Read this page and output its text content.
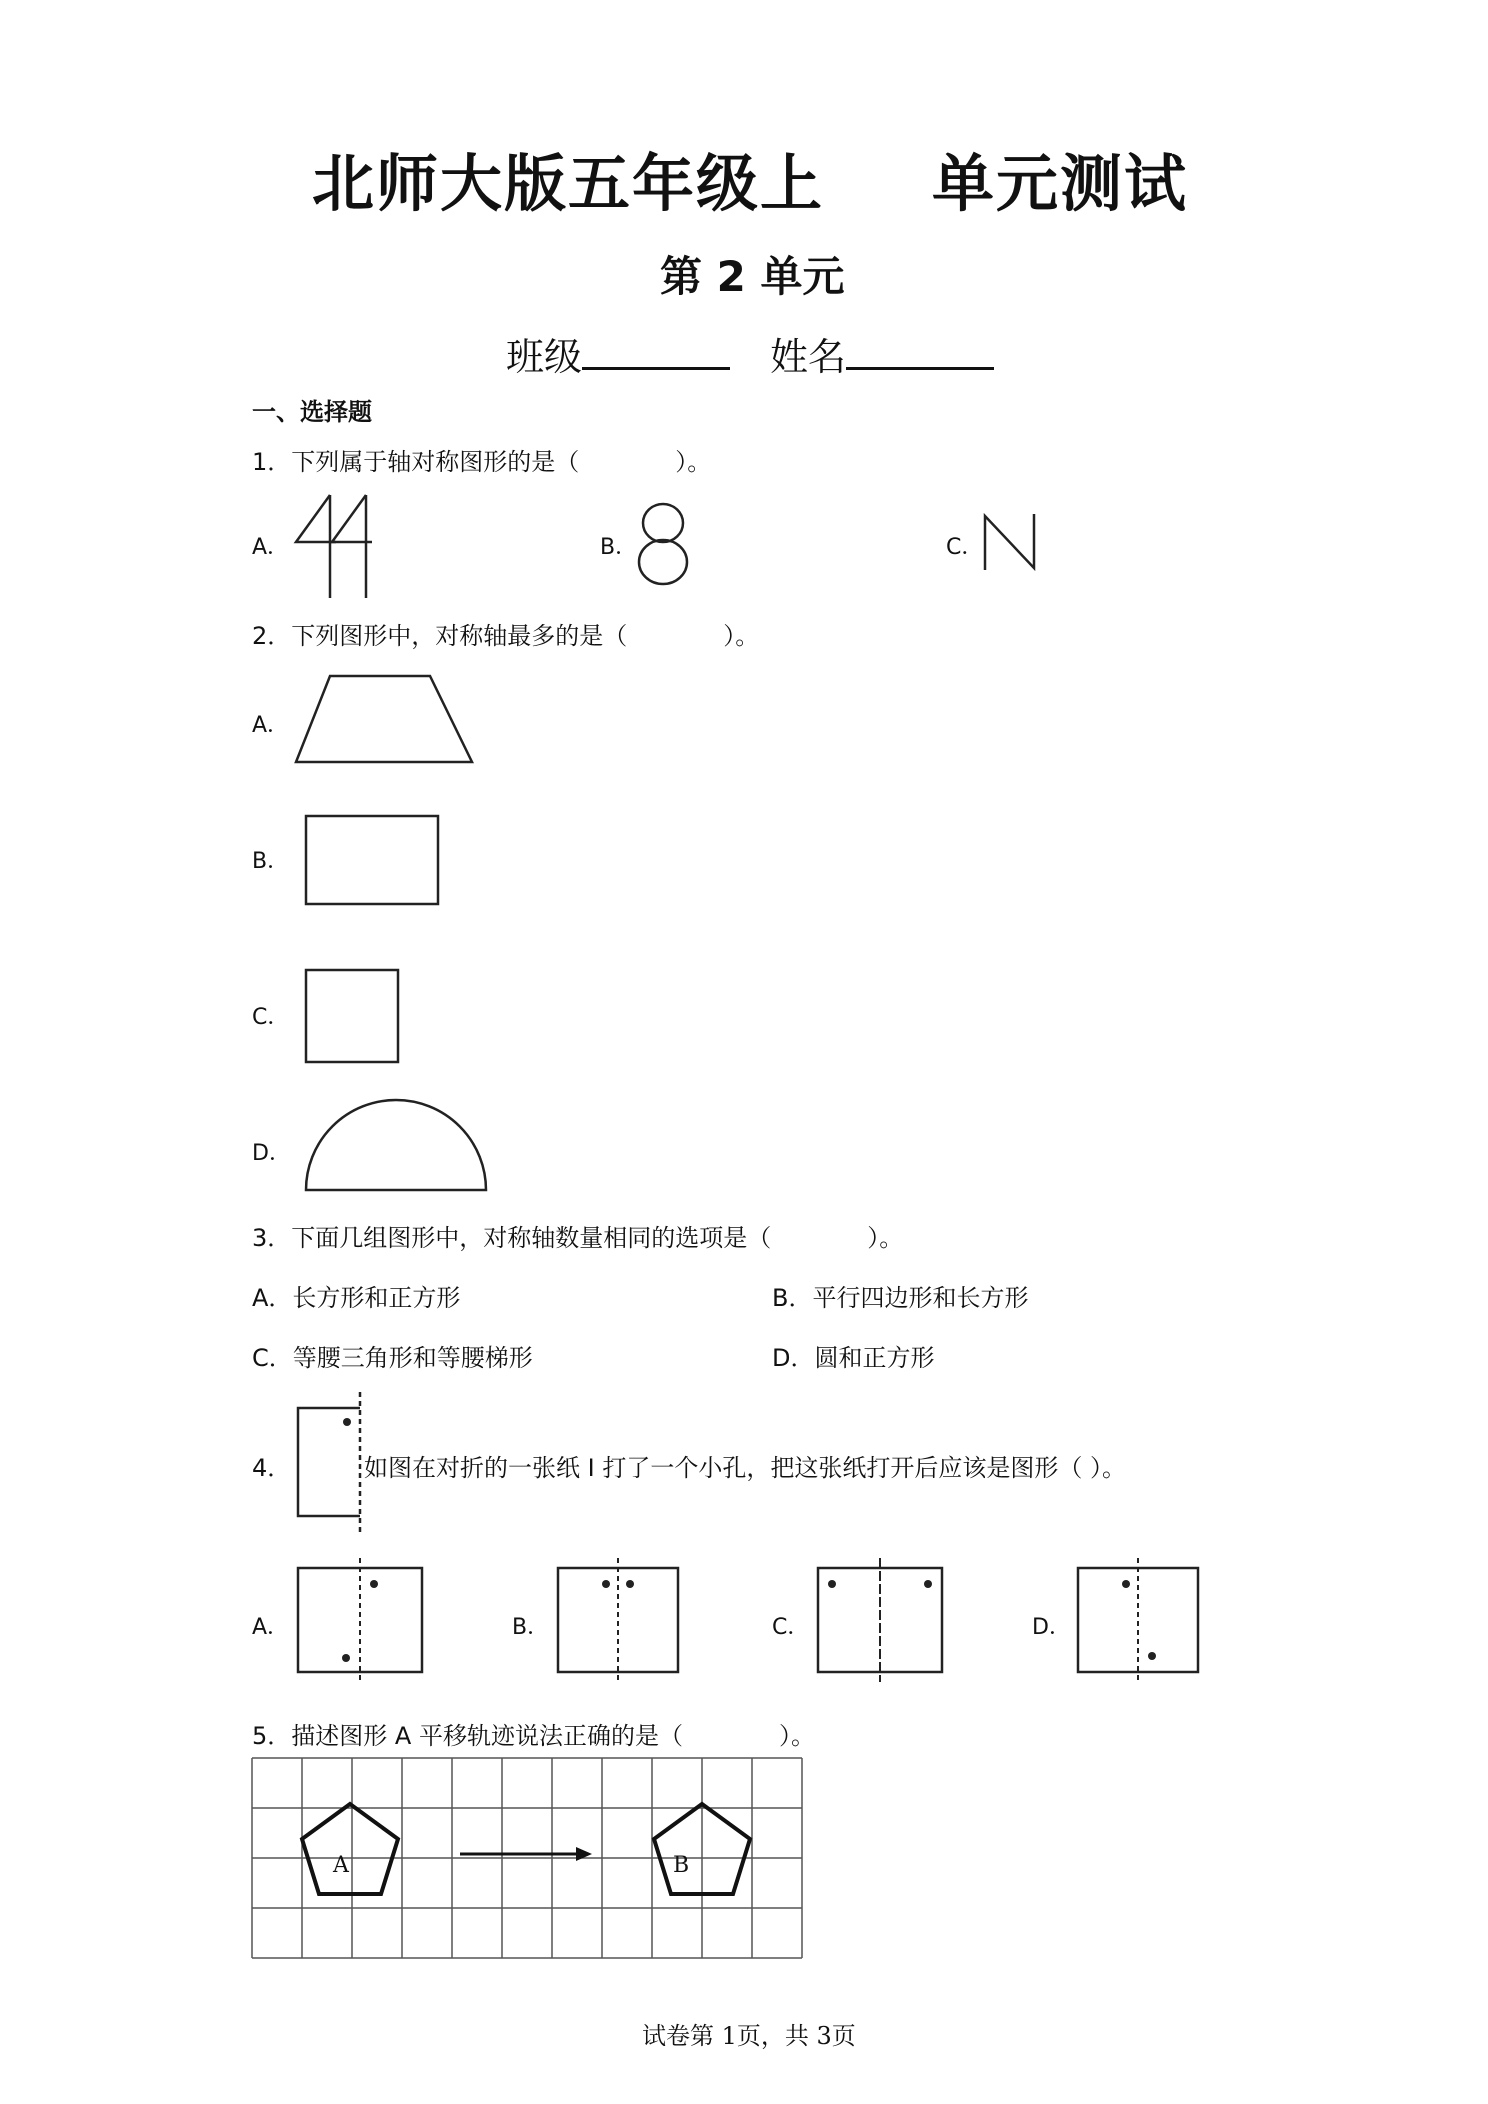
北师大版五年级上 单元测试
第 2 单元
班级	姓名
一、选择题
1．下列属于轴对称图形的是（　　　　）。
A．	B．	C．
2．下列图形中，对称轴最多的是（　　　　）。
A．
B．
C．
D．
3．下面几组图形中，对称轴数量相同的选项是（　　　　）。
A．长方形和正方形	B．平行四边形和长方形
C．等腰三角形和等腰梯形	D．圆和正方形
4．	如图在对折的一张纸 I 打了一个小孔，把这张纸打开后应该是图形（ ）。
A．	B．	C．	D．
5．描述图形 A 平移轨迹说法正确的是（　　　　）。
A	B
试卷第 1页，共 3页
